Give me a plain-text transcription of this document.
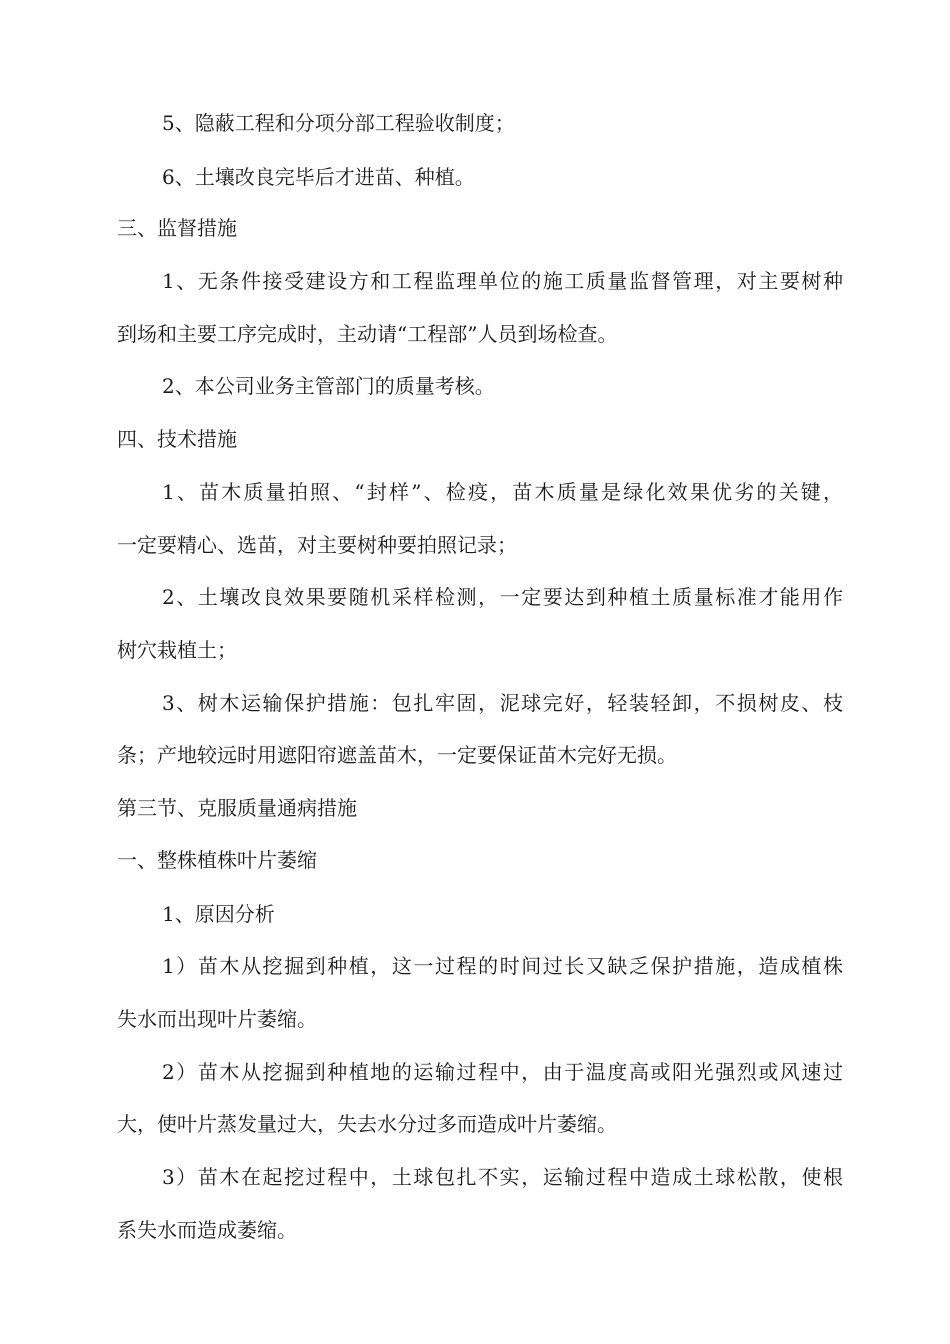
5、隐蔽工程和分项分部工程验收制度；
6、土壤改良完毕后才进苗、种植。
三、监督措施
1、无条件接受建设方和工程监理单位的施工质量监督管理，对主要树种
到场和主要工序完成时，主动请“工程部”人员到场检查。
2、本公司业务主管部门的质量考核。
四、技术措施
1、苗木质量拍照、“封样”、检疫，苗木质量是绿化效果优劣的关键，
一定要精心、选苗，对主要树种要拍照记录；
2、土壤改良效果要随机采样检测，一定要达到种植土质量标准才能用作
树穴栽植土；
3、树木运输保护措施：包扎牢固，泥球完好，轻装轻卸，不损树皮、枝
条；产地较远时用遮阳帘遮盖苗木，一定要保证苗木完好无损。
第三节、克服质量通病措施
一、整株植株叶片萎缩
1、原因分析
1）苗木从挖掘到种植，这一过程的时间过长又缺乏保护措施，造成植株
失水而出现叶片萎缩。
2）苗木从挖掘到种植地的运输过程中，由于温度高或阳光强烈或风速过
大，使叶片蒸发量过大，失去水分过多而造成叶片萎缩。
3）苗木在起挖过程中，土球包扎不实，运输过程中造成土球松散，使根
系失水而造成萎缩。
